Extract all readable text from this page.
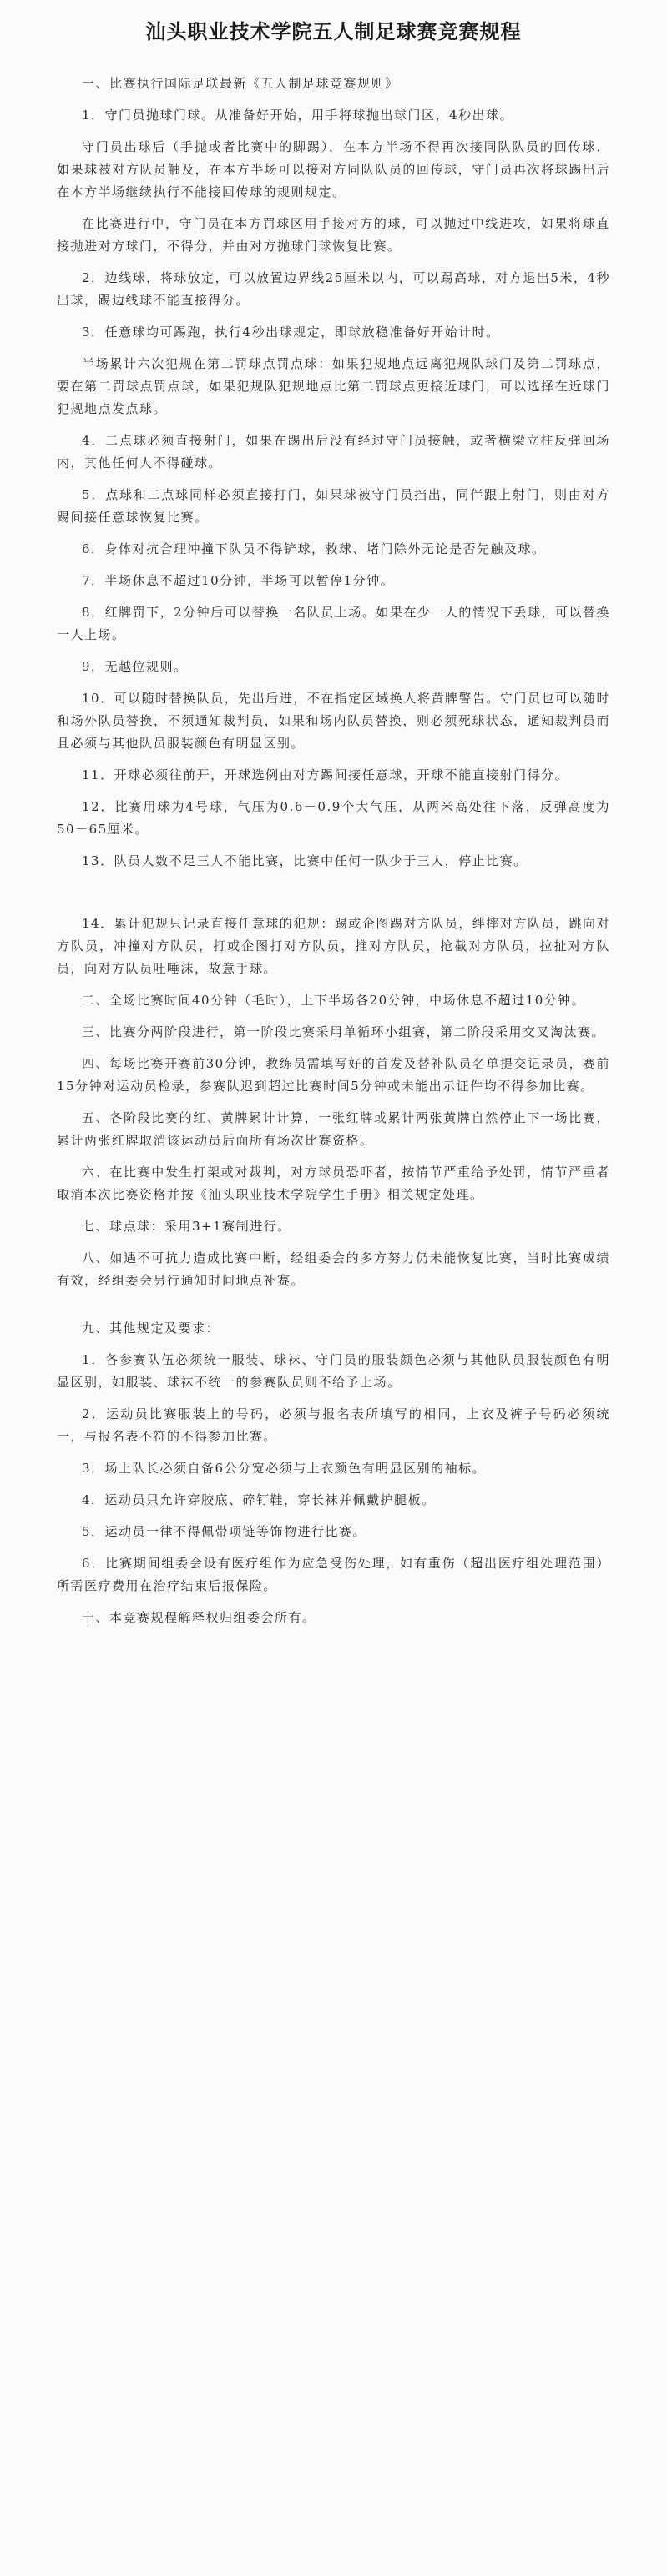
汕头职业技术学院五人制足球赛竞赛规程
一、比赛执行国际足联最新《五人制足球竞赛规则》
1．守门员抛球门球。从准备好开始，用手将球抛出球门区，4秒出球。
守门员出球后（手抛或者比赛中的脚踢），在本方半场不得再次接同队队员的回传球，如果球被对方队员触及，在本方半场可以接对方同队队员的回传球，守门员再次将球踢出后在本方半场继续执行不能接回传球的规则规定。
在比赛进行中，守门员在本方罚球区用手接对方的球，可以抛过中线进攻，如果将球直接抛进对方球门，不得分，并由对方抛球门球恢复比赛。
2．边线球，将球放定，可以放置边界线25厘米以内，可以踢高球，对方退出5米，4秒出球，踢边线球不能直接得分。
3．任意球均可踢跑，执行4秒出球规定，即球放稳准备好开始计时。
半场累计六次犯规在第二罚球点罚点球：如果犯规地点远离犯规队球门及第二罚球点，要在第二罚球点罚点球，如果犯规队犯规地点比第二罚球点更接近球门，可以选择在近球门犯规地点发点球。
4．二点球必须直接射门，如果在踢出后没有经过守门员接触，或者横梁立柱反弹回场内，其他任何人不得碰球。
5．点球和二点球同样必须直接打门，如果球被守门员挡出，同伴跟上射门，则由对方踢间接任意球恢复比赛。
6．身体对抗合理冲撞下队员不得铲球，救球、堵门除外无论是否先触及球。
7．半场休息不超过10分钟，半场可以暂停1分钟。
8．红牌罚下，2分钟后可以替换一名队员上场。如果在少一人的情况下丢球，可以替换一人上场。
9．无越位规则。
10．可以随时替换队员，先出后进，不在指定区域换人将黄牌警告。守门员也可以随时和场外队员替换，不须通知裁判员，如果和场内队员替换，则必须死球状态，通知裁判员而且必须与其他队员服装颜色有明显区别。
11．开球必须往前开，开球选例由对方踢间接任意球，开球不能直接射门得分。
12．比赛用球为4号球，气压为0.6－0.9个大气压，从两米高处往下落，反弹高度为50－65厘米。
13．队员人数不足三人不能比赛，比赛中任何一队少于三人，停止比赛。
14．累计犯规只记录直接任意球的犯规：踢或企图踢对方队员，绊摔对方队员，跳向对方队员，冲撞对方队员，打或企图打对方队员，推对方队员，抢截对方队员，拉扯对方队员，向对方队员吐唾沫，故意手球。
二、全场比赛时间40分钟（毛时），上下半场各20分钟，中场休息不超过10分钟。
三、比赛分两阶段进行，第一阶段比赛采用单循环小组赛，第二阶段采用交叉淘汰赛。
四、每场比赛开赛前30分钟，教练员需填写好的首发及替补队员名单提交记录员，赛前15分钟对运动员检录，参赛队迟到超过比赛时间5分钟或未能出示证件均不得参加比赛。
五、各阶段比赛的红、黄牌累计计算，一张红牌或累计两张黄牌自然停止下一场比赛，累计两张红牌取消该运动员后面所有场次比赛资格。
六、在比赛中发生打架或对裁判，对方球员恐吓者，按情节严重给予处罚，情节严重者取消本次比赛资格并按《汕头职业技术学院学生手册》相关规定处理。
七、球点球：采用3+1赛制进行。
八、如遇不可抗力造成比赛中断，经组委会的多方努力仍未能恢复比赛，当时比赛成绩有效，经组委会另行通知时间地点补赛。
九、其他规定及要求：
1．各参赛队伍必须统一服装、球袜、守门员的服装颜色必须与其他队员服装颜色有明显区别，如服装、球袜不统一的参赛队员则不给予上场。
2．运动员比赛服装上的号码，必须与报名表所填写的相同，上衣及裤子号码必须统一，与报名表不符的不得参加比赛。
3．场上队长必须自备6公分宽必须与上衣颜色有明显区别的袖标。
4．运动员只允许穿胶底、碎钉鞋，穿长袜并佩戴护腿板。
5．运动员一律不得佩带项链等饰物进行比赛。
6．比赛期间组委会设有医疗组作为应急受伤处理，如有重伤（超出医疗组处理范围）所需医疗费用在治疗结束后报保险。
十、本竞赛规程解释权归组委会所有。
